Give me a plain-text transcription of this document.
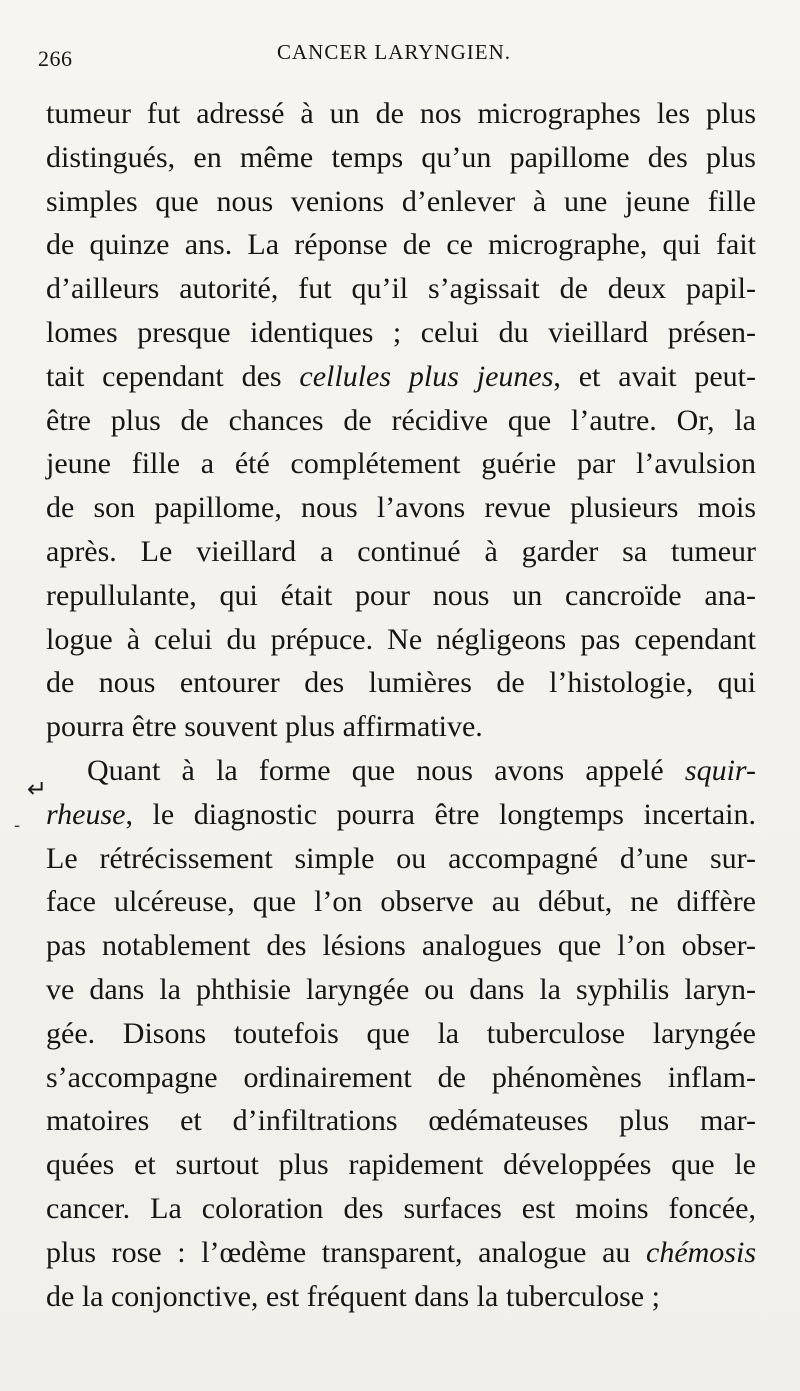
266	CANCER LARYNGIEN.
↵
-
tumeur fut adressé à un de nos micrographes les plus
distingués, en même temps qu’un papillome des plus
simples que nous venions d’enlever à une jeune fille
de quinze ans. La réponse de ce micrographe, qui fait
d’ailleurs autorité, fut qu’il s’agissait de deux papil-
lomes presque identiques ; celui du vieillard présen-
tait cependant des cellules plus jeunes, et avait peut-
être plus de chances de récidive que l’autre. Or, la
jeune fille a été complétement guérie par l’avulsion
de son papillome, nous l’avons revue plusieurs mois
après. Le vieillard a continué à garder sa tumeur
repullulante, qui était pour nous un cancroïde ana-
logue à celui du prépuce. Ne négligeons pas cependant
de nous entourer des lumières de l’histologie, qui
pourra être souvent plus affirmative.
Quant à la forme que nous avons appelé squir-
rheuse, le diagnostic pourra être longtemps incertain.
Le rétrécissement simple ou accompagné d’une sur-
face ulcéreuse, que l’on observe au début, ne diffère
pas notablement des lésions analogues que l’on obser-
ve dans la phthisie laryngée ou dans la syphilis laryn-
gée. Disons toutefois que la tuberculose laryngée
s’accompagne ordinairement de phénomènes inflam-
matoires et d’infiltrations œdémateuses plus mar-
quées et surtout plus rapidement développées que le
cancer. La coloration des surfaces est moins foncée,
plus rose : l’œdème transparent, analogue au chémosis
de la conjonctive, est fréquent dans la tuberculose ;
